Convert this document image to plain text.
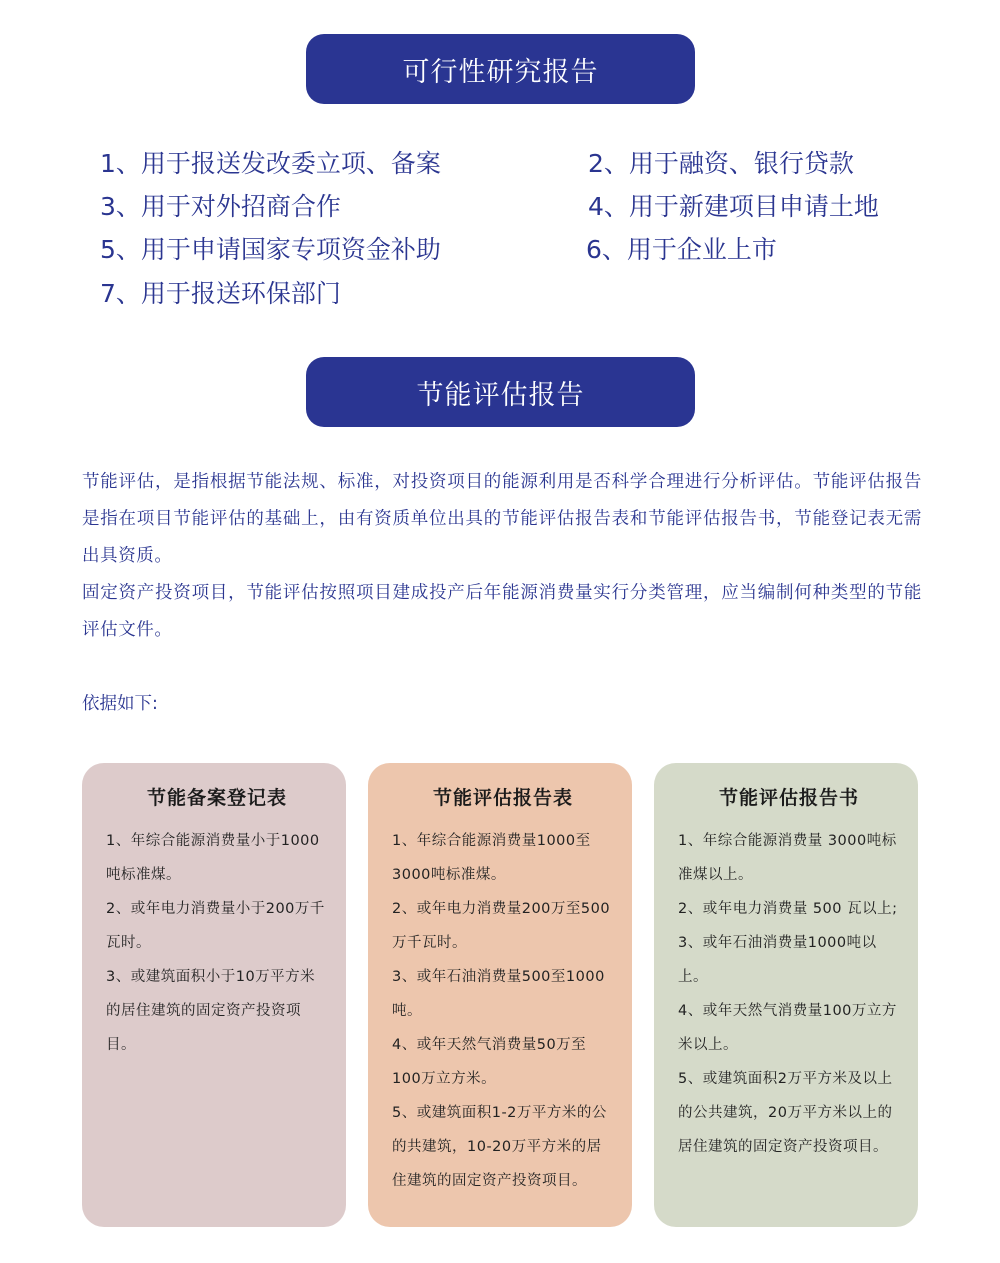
可行性研究报告
1、用于报送发改委立项、备案	2、用于融资、银行贷款
3、用于对外招商合作	4、用于新建项目申请土地
5、用于申请国家专项资金补助	6、用于企业上市
7、用于报送环保部门
节能评估报告

节能评估，是指根据节能法规、标准，对投资项目的能源利用是否科学合理进行分析评估。节能评估报告是指在项目节能评估的基础上，由有资质单位出具的节能评估报告表和节能评估报告书，节能登记表无需出具资质。

固定资产投资项目，节能评估按照项目建成投产后年能源消费量实行分类管理，应当编制何种类型的节能评估文件。

依据如下:
节能备案登记表
1、年综合能源消费量小于1000吨标准煤。
2、或年电力消费量小于200万千瓦时。
3、或建筑面积小于10万平方米的居住建筑的固定资产投资项目。
节能评估报告表
1、年综合能源消费量1000至3000吨标准煤。
2、或年电力消费量200万至500万千瓦时。
3、或年石油消费量500至1000吨。
4、或年天然气消费量50万至100万立方米。
5、或建筑面积1-2万平方米的公的共建筑，10-20万平方米的居住建筑的固定资产投资项目。
节能评估报告书
1、年综合能源消费量 3000吨标准煤以上。
2、或年电力消费量 500 瓦以上;
3、或年石油消费量1000吨以上。
4、或年天然气消费量100万立方米以上。
5、或建筑面积2万平方米及以上的公共建筑，20万平方米以上的居住建筑的固定资产投资项目。
